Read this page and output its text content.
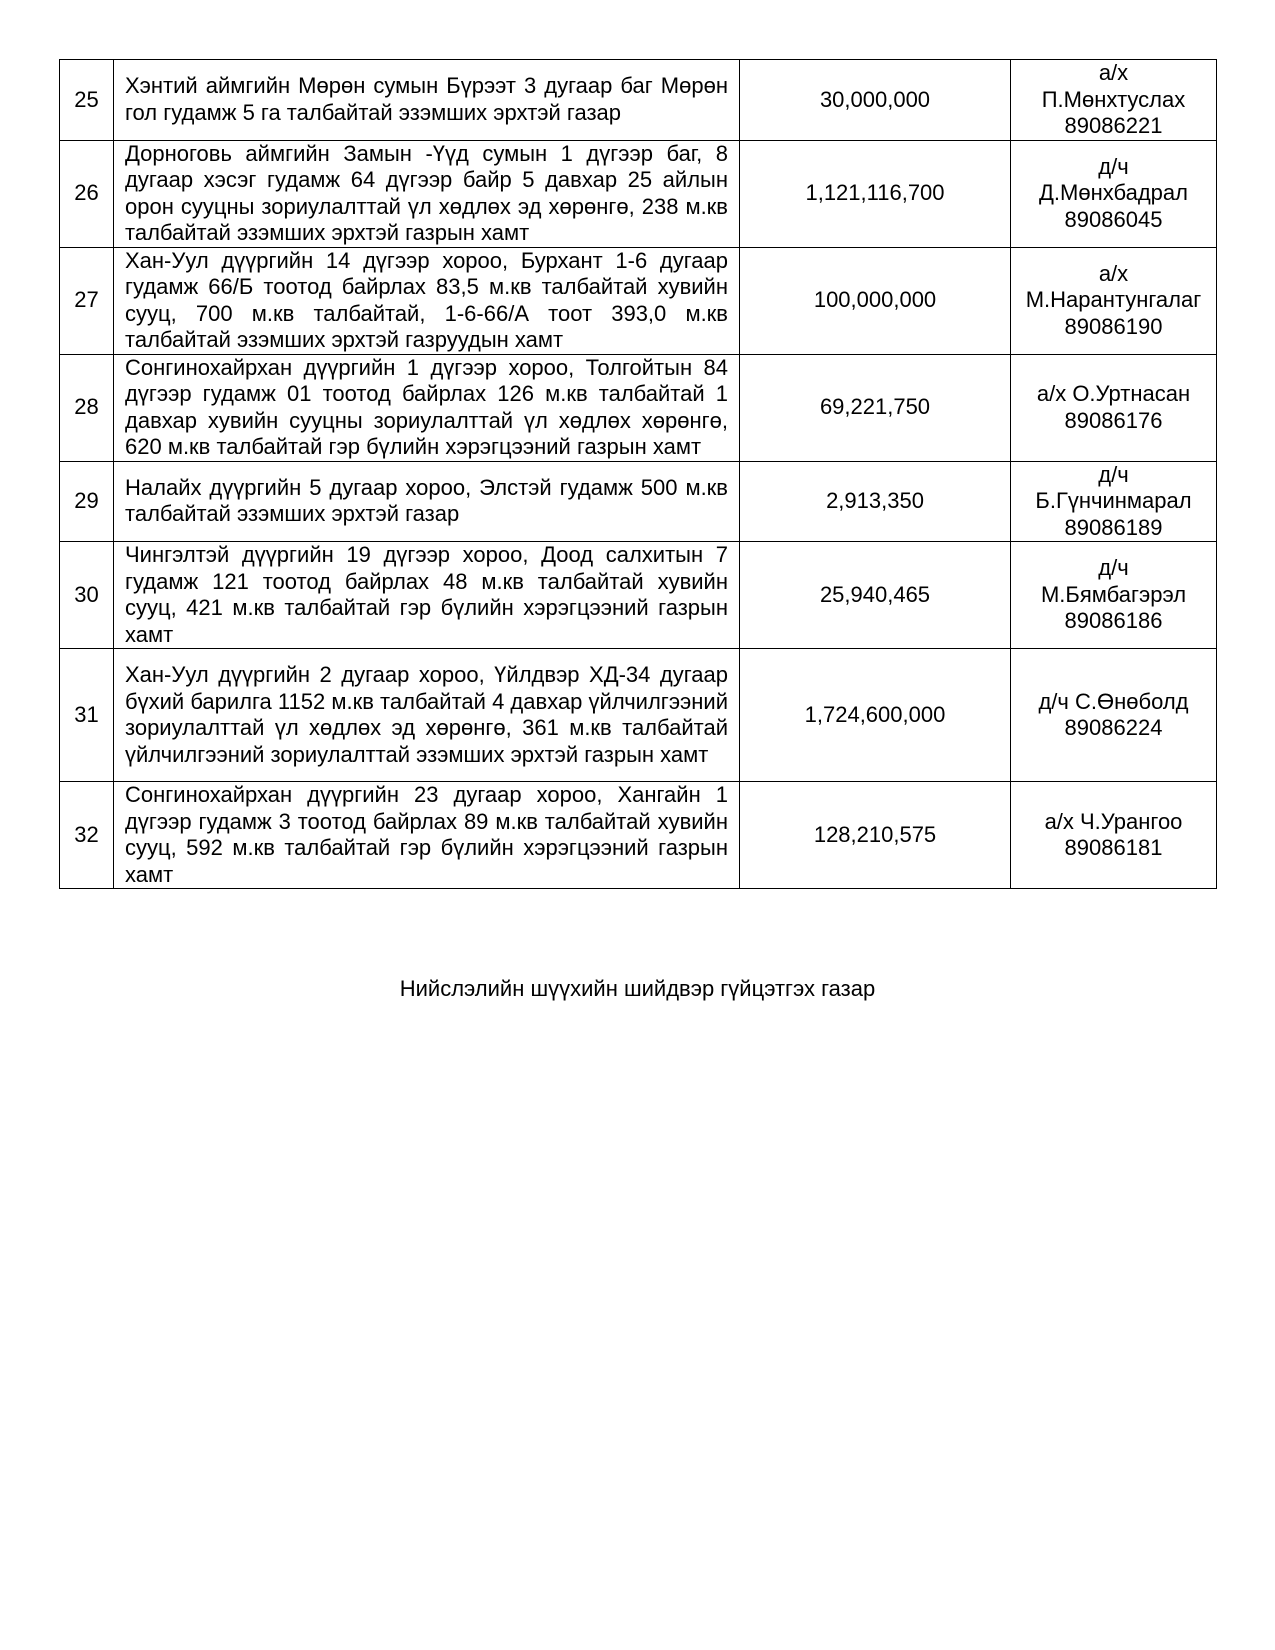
25	Хэнтий аймгийн Мөрөн сумын Бүрээт 3 дугаар баг Мөрөн гол гудамж 5 га талбайтай эзэмших эрхтэй газар	30,000,000	а/х
П.Мөнхтуслах
89086221

26	Дорноговь аймгийн Замын -Үүд сумын 1 дүгээр баг, 8 дугаар хэсэг гудамж 64 дүгээр байр 5 давхар 25 айлын орон сууцны зориулалттай үл хөдлөх эд хөрөнгө, 238 м.кв талбайтай эзэмших эрхтэй газрын хамт	1,121,116,700	д/ч
Д.Мөнхбадрал
89086045

27	Хан-Уул дүүргийн 14 дүгээр хороо, Бурхант 1-6 дугаар гудамж 66/Б тоотод байрлах 83,5 м.кв талбайтай хувийн сууц, 700 м.кв талбайтай, 1-6-66/А тоот 393,0 м.кв талбайтай эзэмших эрхтэй газруудын хамт	100,000,000	а/х
М.Нарантунгалаг
89086190

28	Сонгинохайрхан дүүргийн 1 дүгээр хороо, Толгойтын 84 дүгээр гудамж 01 тоотод байрлах 126 м.кв талбайтай 1 давхар хувийн сууцны зориулалттай үл хөдлөх хөрөнгө, 620 м.кв талбайтай гэр бүлийн хэрэгцээний газрын хамт	69,221,750	а/х О.Уртнасан
89086176

29	Налайх дүүргийн 5 дугаар хороо, Элстэй гудамж 500 м.кв талбайтай эзэмших эрхтэй газар	2,913,350	д/ч
Б.Гүнчинмарал
89086189

30	Чингэлтэй дүүргийн 19 дүгээр хороо, Доод салхитын 7 гудамж 121 тоотод байрлах 48 м.кв талбайтай хувийн сууц, 421 м.кв талбайтай гэр бүлийн хэрэгцээний газрын хамт	25,940,465	д/ч
М.Бямбагэрэл
89086186

31	Хан-Уул дүүргийн 2 дугаар хороо, Үйлдвэр ХД-34 дугаар бүхий барилга 1152 м.кв талбайтай 4 давхар үйлчилгээний зориулалттай үл хөдлөх эд хөрөнгө, 361 м.кв талбайтай үйлчилгээний зориулалттай эзэмших эрхтэй газрын хамт	1,724,600,000	д/ч С.Өнөболд
89086224

32	Сонгинохайрхан дүүргийн 23 дугаар хороо, Хангайн 1 дүгээр гудамж 3 тоотод байрлах 89 м.кв талбайтай хувийн сууц, 592 м.кв талбайтай гэр бүлийн хэрэгцээний газрын хамт	128,210,575	а/х Ч.Урангоо
89086181
Нийслэлийн шүүхийн шийдвэр гүйцэтгэх газар
